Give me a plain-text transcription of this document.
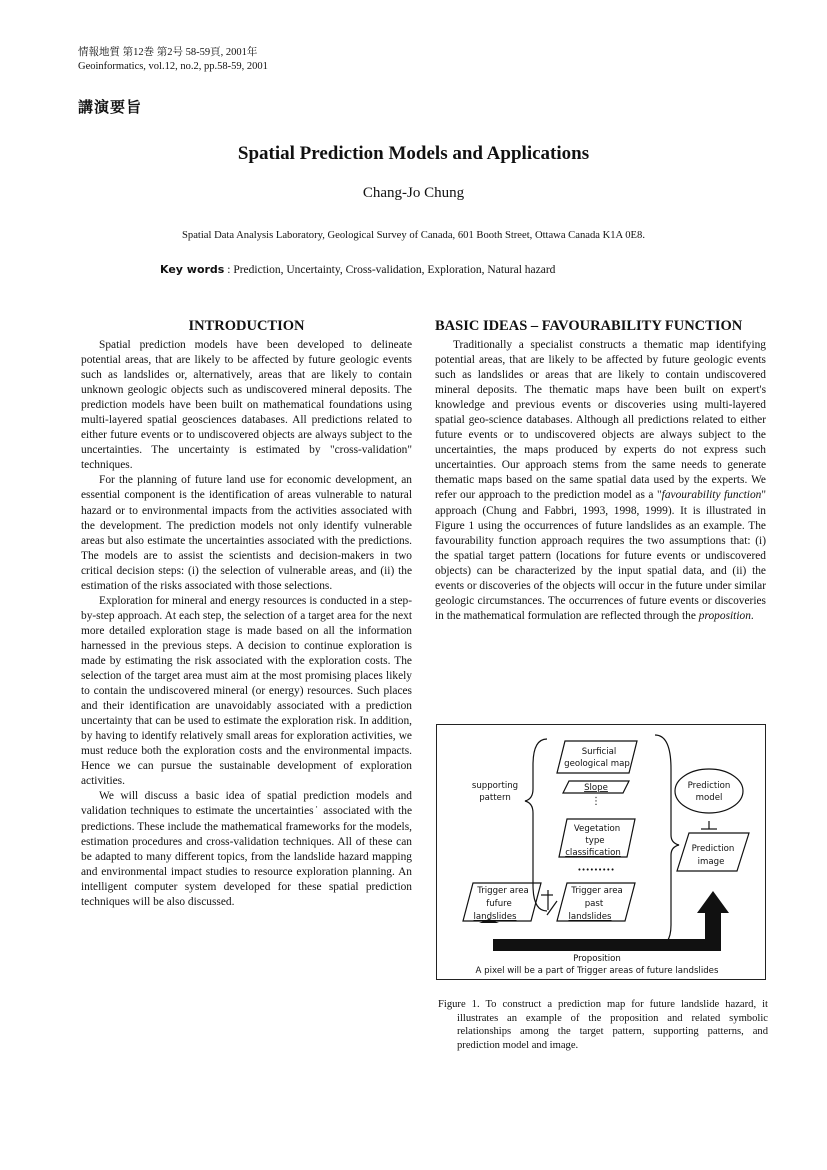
情報地質 第12巻 第2号 58-59頁, 2001年
Geoinformatics, vol.12, no.2, pp.58-59, 2001
講演要旨
Spatial Prediction Models and Applications
Chang-Jo Chung
Spatial Data Analysis Laboratory, Geological Survey of Canada, 601 Booth Street, Ottawa Canada K1A 0E8.
Key words : Prediction, Uncertainty, Cross-validation, Exploration, Natural hazard
INTRODUCTION

Spatial prediction models have been developed to delineate potential areas, that are likely to be affected by future geologic events such as landslides or, alternatively, areas that are likely to contain unknown geologic objects such as undiscovered mineral deposits. The prediction models have been built on mathematical foundations using multi-layered spatial geosciences databases. All predictions related to either future events or to undiscovered objects are always subject to the uncertainties. The uncertainty is estimated by "cross-validation" techniques.

For the planning of future land use for economic development, an essential component is the identification of areas vulnerable to natural hazard or to environmental impacts from the activities associated with the development. The prediction models not only identify vulnerable areas but also estimate the uncertainties associated with the predictions. The models are to assist the scientists and decision-makers in two critical decision steps: (i) the selection of vulnerable areas, and (ii) the estimation of the risks associated with those selections.

Exploration for mineral and energy resources is conducted in a step-by-step approach. At each step, the selection of a target area for the next more detailed exploration stage is made based on all the information harnessed in the previous steps. A decision to continue exploration is made by estimating the risk associated with the exploration costs. The selection of the target area must aim at the most promising places likely to contain the undiscovered mineral (or energy) resources. Such places and their identification are unavoidably associated with a prediction uncertainty that can be used to estimate the exploration risk. In addition, by having to identify relatively small areas for exploration activities, we must reduce both the exploration costs and the environmental impacts. Hence we can pursue the sustainable development of exploration activities.

We will discuss a basic idea of spatial prediction models and validation techniques to estimate the uncertainties˙ associated with the predictions. These include the mathematical frameworks for the models, estimation procedures and cross-validation techniques. All of these can be adapted to many different topics, from the landslide hazard mapping and environmental impact studies to resource exploration planning. An intelligent computer system developed for these spatial prediction techniques will be also discussed.

BASIC IDEAS – FAVOURABILITY FUNCTION

Traditionally a specialist constructs a thematic map identifying potential areas, that are likely to be affected by future geologic events such as landslides or areas that are likely to contain undiscovered mineral deposits. The thematic maps have been built on expert's knowledge and previous events or discoveries using multi-layered spatial geo-science databases. Although all predictions related to either future events or to undiscovered objects are always subject to the uncertainties, the maps produced by experts do not express such uncertainties. Our approach stems from the same needs to generate thematic maps based on the same spatial data used by the experts. We refer our approach to the prediction model as a "favourability function" approach (Chung and Fabbri, 1993, 1998, 1999). It is illustrated in Figure 1 using the occurrences of future landslides as an example. The favourability function approach requires the two assumptions that: (i) the spatial target pattern (locations for future events or undiscovered objects) can be characterized by the input spatial data, and (ii) the events or discoveries of the objects will occur in the future under similar geologic circumstances. The occurrences of future events or discoveries in the mathematical formulation are reflected through the proposition.

Surficial
geological map
Slope
⋮
Vegetation
type
classification
•••••••••
supporting
pattern
Prediction
model
Prediction
image
Trigger area
fufure
landslides
Trigger area
past
landslides
Proposition
A pixel will be a part of Trigger areas of future landslides
Figure 1. To construct a prediction map for future landslide hazard, it illustrates an example of the proposition and related symbolic relationships among the target pattern, supporting patterns, and prediction model and image.
